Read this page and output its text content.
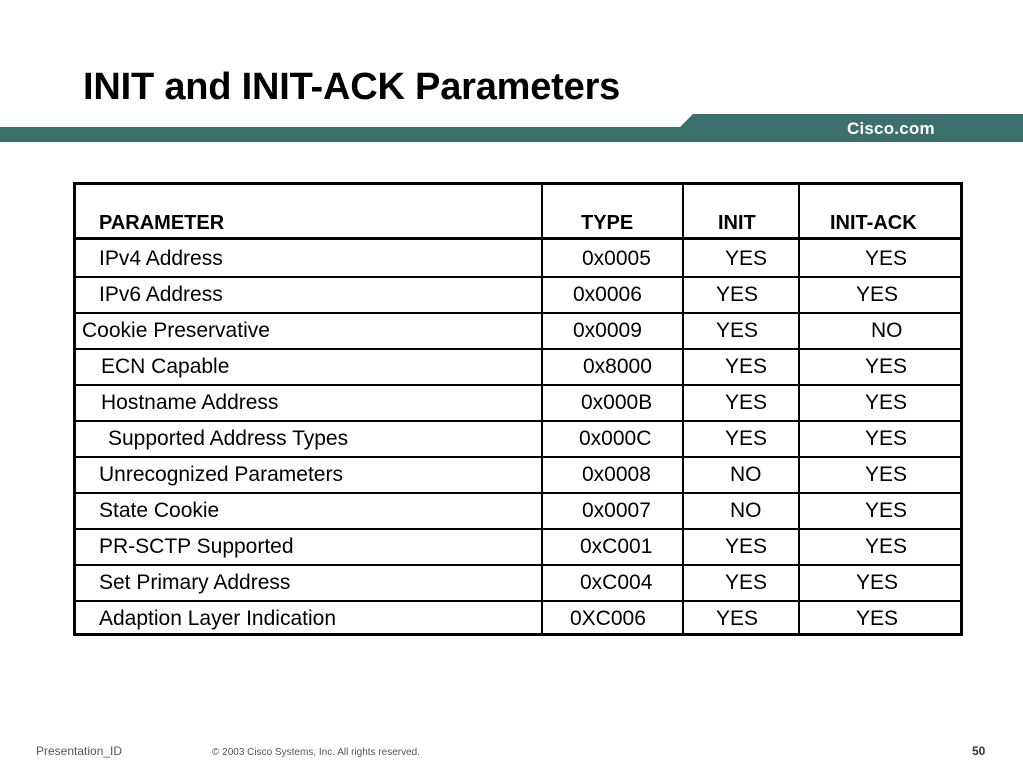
INIT and INIT-ACK Parameters
Cisco.com
PARAMETER	TYPE	INIT	INIT-ACK
IPv4 Address	0x0005	YES	YES
IPv6 Address	0x0006	YES	YES
Cookie Preservative	0x0009	YES	NO
ECN Capable	0x8000	YES	YES
Hostname Address	0x000B	YES	YES
Supported Address Types	0x000C	YES	YES
Unrecognized Parameters	0x0008	NO	YES
State Cookie	0x0007	NO	YES
PR-SCTP Supported	0xC001	YES	YES
Set Primary Address	0xC004	YES	YES
Adaption Layer Indication	0XC006	YES	YES
Presentation_ID	© 2003 Cisco Systems, Inc. All rights reserved.	50
